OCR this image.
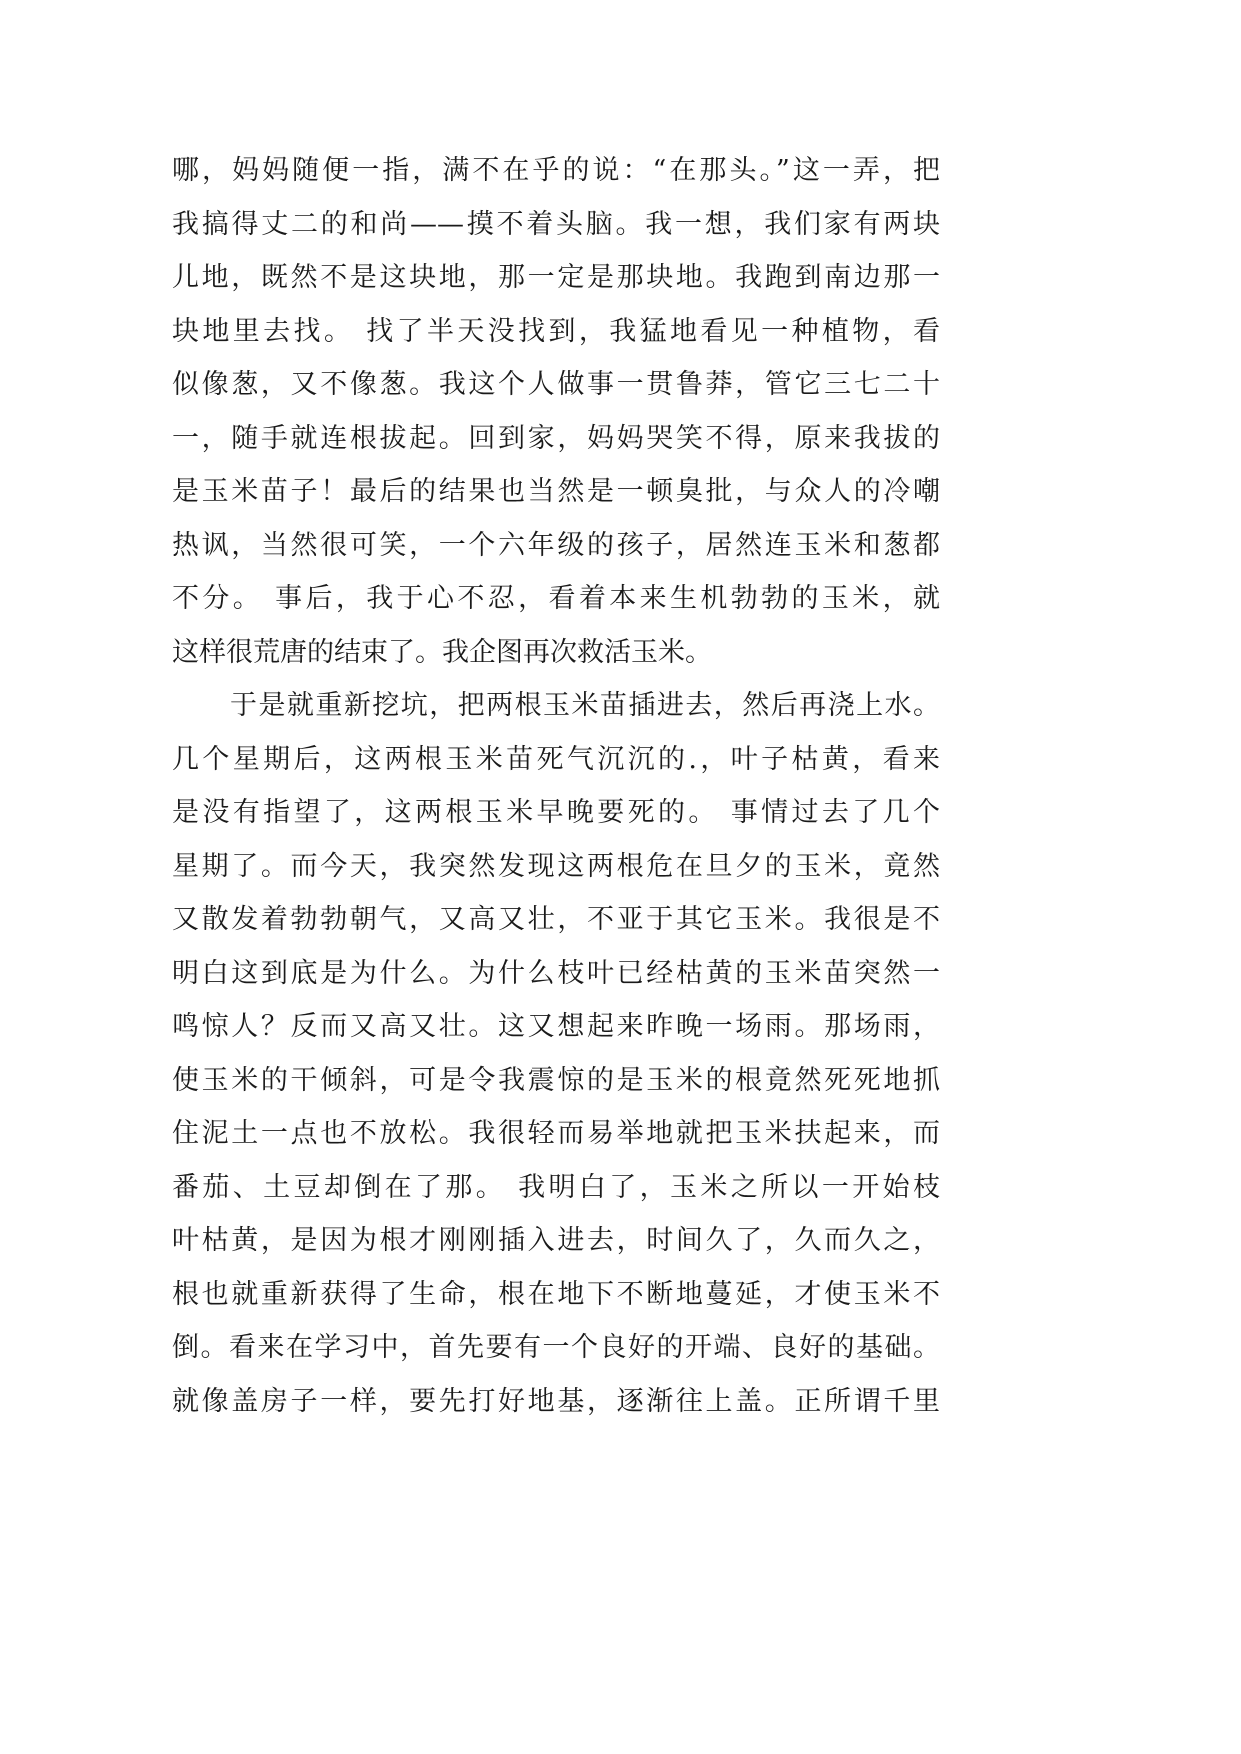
哪，妈妈随便一指，满不在乎的说：“在那头。”这一弄，把
我搞得丈二的和尚——摸不着头脑。我一想，我们家有两块
儿地，既然不是这块地，那一定是那块地。我跑到南边那一
块地里去找。 找了半天没找到，我猛地看见一种植物，看
似像葱，又不像葱。我这个人做事一贯鲁莽，管它三七二十
一，随手就连根拔起。回到家，妈妈哭笑不得，原来我拔的
是玉米苗子！最后的结果也当然是一顿臭批，与众人的冷嘲
热讽，当然很可笑，一个六年级的孩子，居然连玉米和葱都
不分。 事后，我于心不忍，看着本来生机勃勃的玉米，就
这样很荒唐的结束了。我企图再次救活玉米。
于是就重新挖坑，把两根玉米苗插进去，然后再浇上水。
几个星期后，这两根玉米苗死气沉沉的.，叶子枯黄，看来
是没有指望了，这两根玉米早晚要死的。 事情过去了几个
星期了。而今天，我突然发现这两根危在旦夕的玉米，竟然
又散发着勃勃朝气，又高又壮，不亚于其它玉米。我很是不
明白这到底是为什么。为什么枝叶已经枯黄的玉米苗突然一
鸣惊人？反而又高又壮。这又想起来昨晚一场雨。那场雨，
使玉米的干倾斜，可是令我震惊的是玉米的根竟然死死地抓
住泥土一点也不放松。我很轻而易举地就把玉米扶起来，而
番茄、土豆却倒在了那。 我明白了，玉米之所以一开始枝
叶枯黄，是因为根才刚刚插入进去，时间久了，久而久之，
根也就重新获得了生命，根在地下不断地蔓延，才使玉米不
倒。看来在学习中，首先要有一个良好的开端、良好的基础。
就像盖房子一样，要先打好地基，逐渐往上盖。正所谓千里
